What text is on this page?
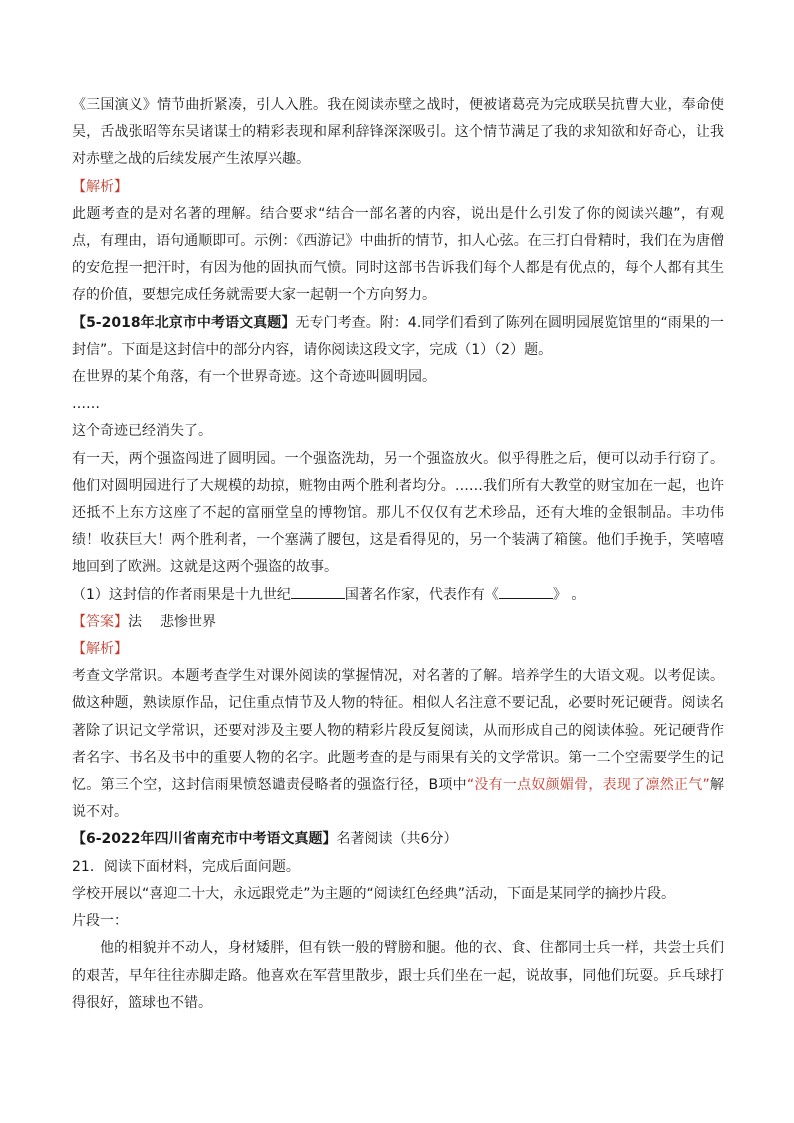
《三国演义》情节曲折紧凑，引人入胜。我在阅读赤壁之战时，便被诸葛亮为完成联吴抗曹大业，奉命使吴，舌战张昭等东吴诸谋士的精彩表现和犀利辞锋深深吸引。这个情节满足了我的求知欲和好奇心，让我对赤壁之战的后续发展产生浓厚兴趣。

【解析】

此题考查的是对名著的理解。结合要求“结合一部名著的内容，说出是什么引发了你的阅读兴趣”，有观点，有理由，语句通顺即可。示例：《西游记》中曲折的情节，扣人心弦。在三打白骨精时，我们在为唐僧的安危捏一把汗时，有因为他的固执而气愤。同时这部书告诉我们每个人都是有优点的，每个人都有其生存的价值，要想完成任务就需要大家一起朝一个方向努力。

【5-2018年北京市中考语文真题】无专门考查。附：4.同学们看到了陈列在圆明园展览馆里的“雨果的一封信”。下面是这封信中的部分内容，请你阅读这段文字，完成（1）（2）题。

在世界的某个角落，有一个世界奇迹。这个奇迹叫圆明园。

……

这个奇迹已经消失了。

有一天，两个强盗闯进了圆明园。一个强盗洗劫，另一个强盗放火。似乎得胜之后，便可以动手行窃了。他们对圆明园进行了大规模的劫掠，赃物由两个胜利者均分。……我们所有大教堂的财宝加在一起，也许还抵不上东方这座了不起的富丽堂皇的博物馆。那儿不仅仅有艺术珍品，还有大堆的金银制品。丰功伟绩！收获巨大！两个胜利者，一个塞满了腰包，这是看得见的，另一个装满了箱箧。他们手挽手，笑嘻嘻地回到了欧洲。这就是这两个强盗的故事。

（1）这封信的作者雨果是十九世纪	国著名作家，代表作有《	》 。

【答案】法 悲惨世界

【解析】

考查文学常识。本题考查学生对课外阅读的掌握情况，对名著的了解。培养学生的大语文观。以考促读。做这种题，熟读原作品，记住重点情节及人物的特征。相似人名注意不要记乱，必要时死记硬背。阅读名著除了识记文学常识，还要对涉及主要人物的精彩片段反复阅读，从而形成自己的阅读体验。死记硬背作者名字、书名及书中的重要人物的名字。此题考查的是与雨果有关的文学常识。第一二个空需要学生的记忆。第三个空，这封信雨果愤怒谴责侵略者的强盗行径，B项中“没有一点奴颜媚骨，表现了凛然正气”解说不对。

【6-2022年四川省南充市中考语文真题】名著阅读（共6分）

21．阅读下面材料，完成后面问题。

学校开展以“喜迎二十大，永远跟党走”为主题的“阅读红色经典”活动，下面是某同学的摘抄片段。

片段一：

他的相貌并不动人，身材矮胖，但有铁一般的臂膀和腿。他的衣、食、住都同士兵一样，共尝士兵们的艰苦，早年往往赤脚走路。他喜欢在军营里散步，跟士兵们坐在一起，说故事，同他们玩耍。乒乓球打得很好，篮球也不错。
